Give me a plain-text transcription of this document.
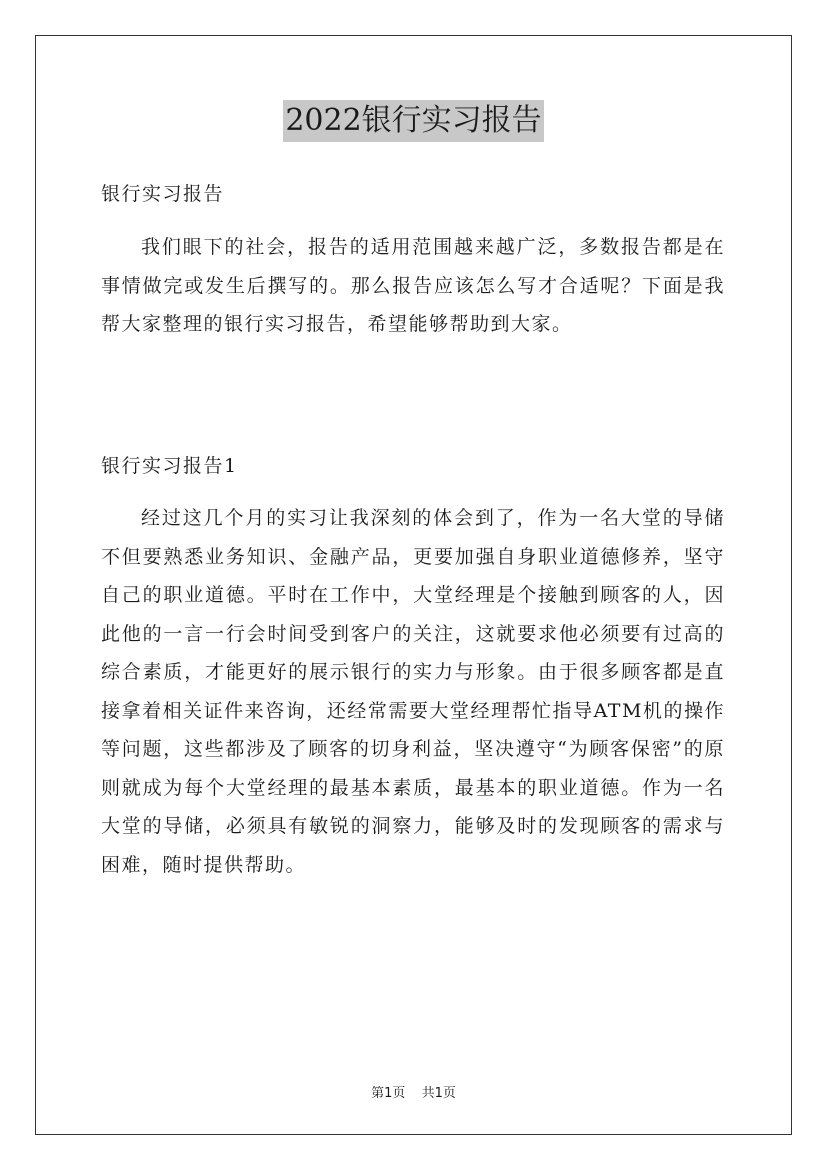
2022银行实习报告
银行实习报告
我们眼下的社会，报告的适用范围越来越广泛，多数报告都是在事情做完或发生后撰写的。那么报告应该怎么写才合适呢？下面是我帮大家整理的银行实习报告，希望能够帮助到大家。
银行实习报告1
经过这几个月的实习让我深刻的体会到了，作为一名大堂的导储不但要熟悉业务知识、金融产品，更要加强自身职业道德修养，坚守自己的职业道德。平时在工作中，大堂经理是个接触到顾客的人，因此他的一言一行会时间受到客户的关注，这就要求他必须要有过高的综合素质，才能更好的展示银行的实力与形象。由于很多顾客都是直接拿着相关证件来咨询，还经常需要大堂经理帮忙指导ATM机的操作等问题，这些都涉及了顾客的切身利益，坚决遵守“为顾客保密”的原则就成为每个大堂经理的最基本素质，最基本的职业道德。作为一名大堂的导储，必须具有敏锐的洞察力，能够及时的发现顾客的需求与困难，随时提供帮助。
第1页 共1页
